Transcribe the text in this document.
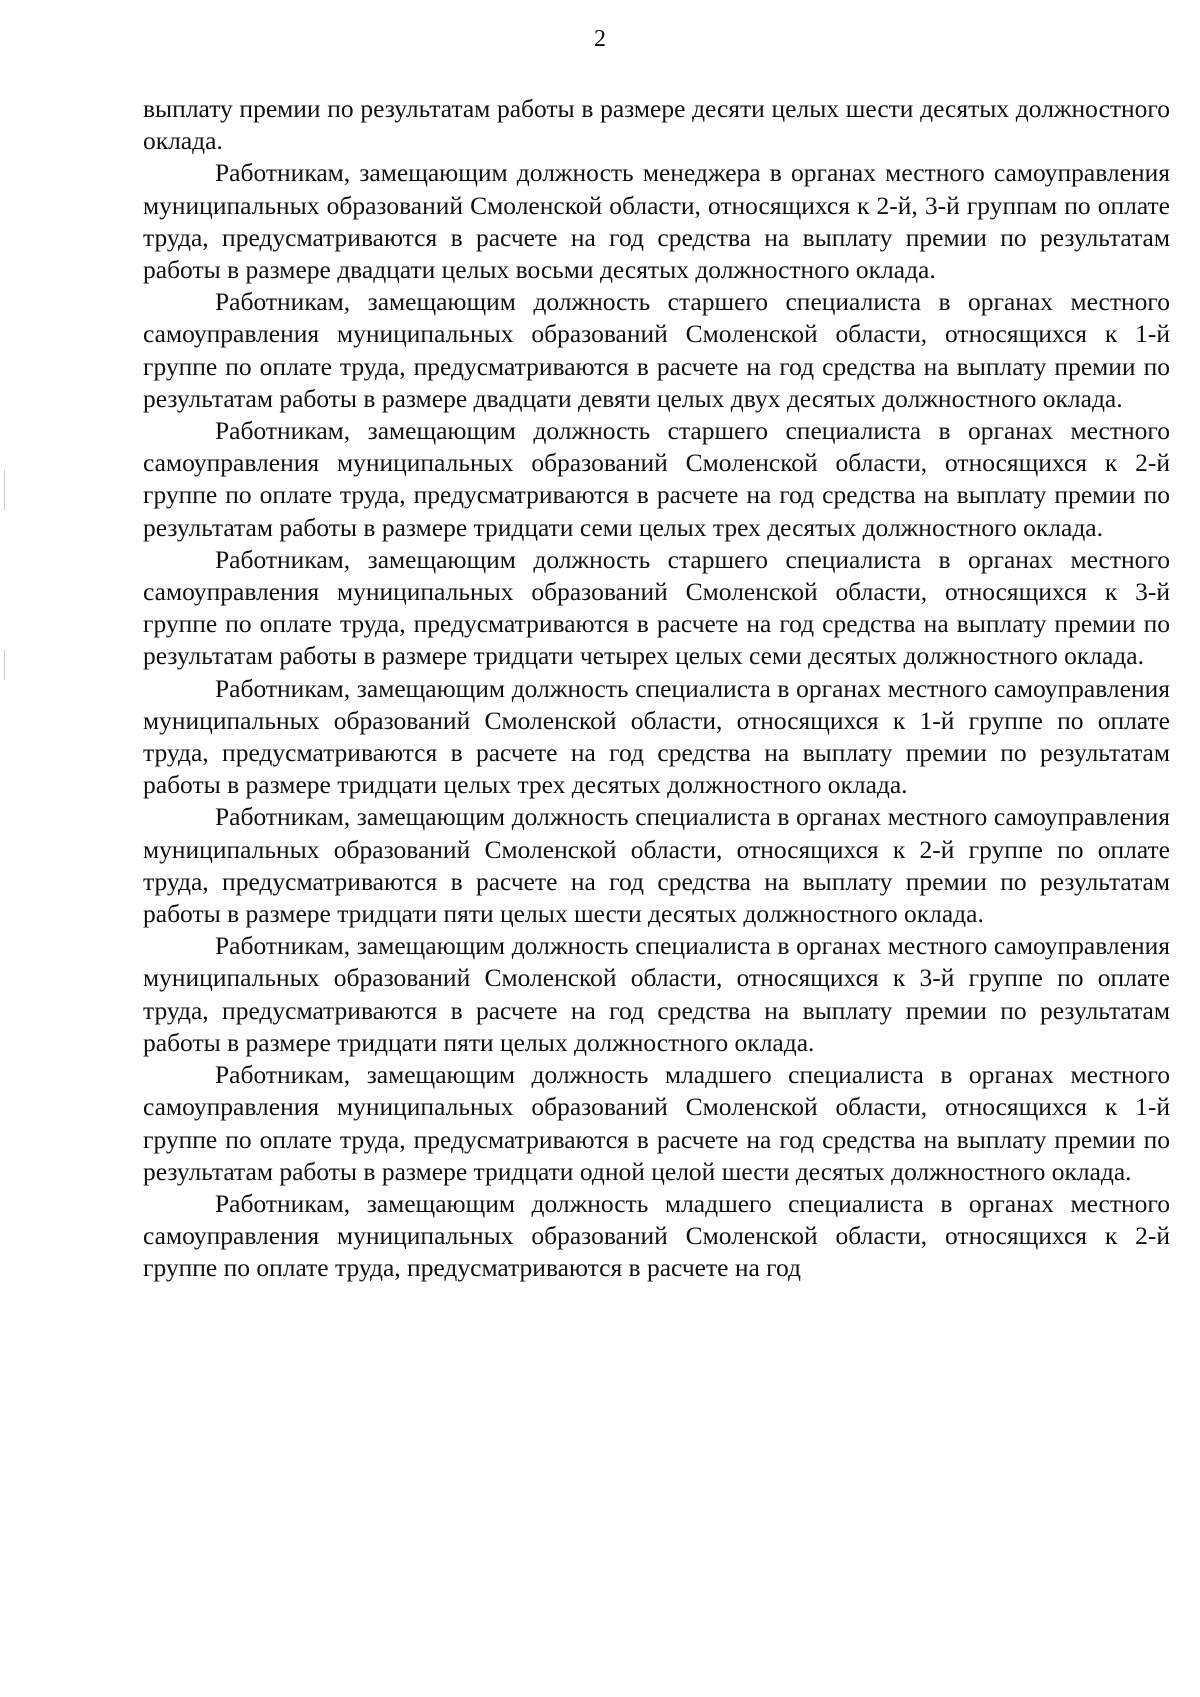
2

выплату премии по результатам работы в размере десяти целых шести десятых должностного оклада.

Работникам, замещающим должность менеджера в органах местного самоуправления муниципальных образований Смоленской области, относящихся к 2-й, 3-й группам по оплате труда, предусматриваются в расчете на год средства на выплату премии по результатам работы в размере двадцати целых восьми десятых должностного оклада.

Работникам, замещающим должность старшего специалиста в органах местного самоуправления муниципальных образований Смоленской области, относящихся к 1-й группе по оплате труда, предусматриваются в расчете на год средства на выплату премии по результатам работы в размере двадцати девяти целых двух десятых должностного оклада.

Работникам, замещающим должность старшего специалиста в органах местного самоуправления муниципальных образований Смоленской области, относящихся к 2-й группе по оплате труда, предусматриваются в расчете на год средства на выплату премии по результатам работы в размере тридцати семи целых трех десятых должностного оклада.

Работникам, замещающим должность старшего специалиста в органах местного самоуправления муниципальных образований Смоленской области, относящихся к 3-й группе по оплате труда, предусматриваются в расчете на год средства на выплату премии по результатам работы в размере тридцати четырех целых семи десятых должностного оклада.

Работникам, замещающим должность специалиста в органах местного самоуправления муниципальных образований Смоленской области, относящихся к 1-й группе по оплате труда, предусматриваются в расчете на год средства на выплату премии по результатам работы в размере тридцати целых трех десятых должностного оклада.

Работникам, замещающим должность специалиста в органах местного самоуправления муниципальных образований Смоленской области, относящихся к 2-й группе по оплате труда, предусматриваются в расчете на год средства на выплату премии по результатам работы в размере тридцати пяти целых шести десятых должностного оклада.

Работникам, замещающим должность специалиста в органах местного самоуправления муниципальных образований Смоленской области, относящихся к 3-й группе по оплате труда, предусматриваются в расчете на год средства на выплату премии по результатам работы в размере тридцати пяти целых должностного оклада.

Работникам, замещающим должность младшего специалиста в органах местного самоуправления муниципальных образований Смоленской области, относящихся к 1-й группе по оплате труда, предусматриваются в расчете на год средства на выплату премии по результатам работы в размере тридцати одной целой шести десятых должностного оклада.

Работникам, замещающим должность младшего специалиста в органах местного самоуправления муниципальных образований Смоленской области, относящихся к 2-й группе по оплате труда, предусматриваются в расчете на год
